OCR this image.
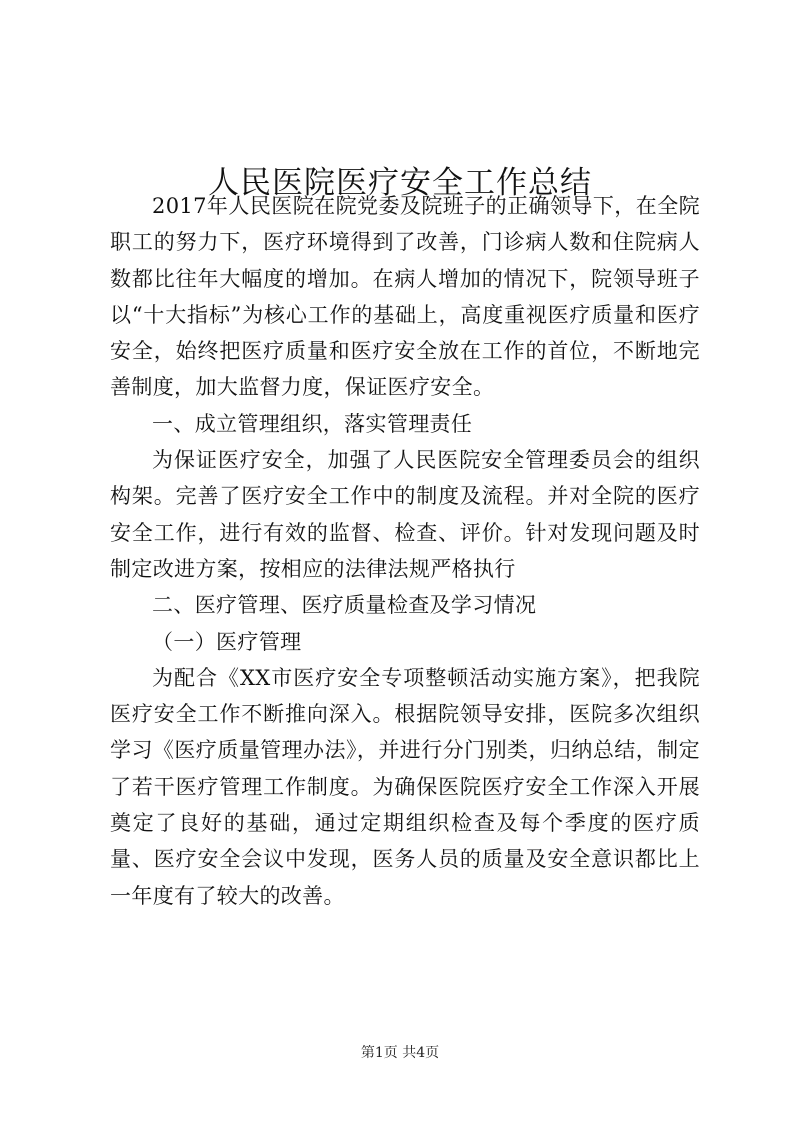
人民医院医疗安全工作总结

2017年人民医院在院党委及院班子的正确领导下，在全院职工的努力下，医疗环境得到了改善，门诊病人数和住院病人数都比往年大幅度的增加。在病人增加的情况下，院领导班子以“十大指标”为核心工作的基础上，高度重视医疗质量和医疗安全，始终把医疗质量和医疗安全放在工作的首位，不断地完善制度，加大监督力度，保证医疗安全。

一、成立管理组织，落实管理责任

为保证医疗安全，加强了人民医院安全管理委员会的组织构架。完善了医疗安全工作中的制度及流程。并对全院的医疗安全工作，进行有效的监督、检查、评价。针对发现问题及时制定改进方案，按相应的法律法规严格执行

二、医疗管理、医疗质量检查及学习情况

（一）医疗管理

为配合《XX市医疗安全专项整顿活动实施方案》，把我院医疗安全工作不断推向深入。根据院领导安排，医院多次组织学习《医疗质量管理办法》，并进行分门别类，归纳总结，制定了若干医疗管理工作制度。为确保医院医疗安全工作深入开展奠定了良好的基础，通过定期组织检查及每个季度的医疗质量、医疗安全会议中发现，医务人员的质量及安全意识都比上一年度有了较大的改善。

第1页 共4页
